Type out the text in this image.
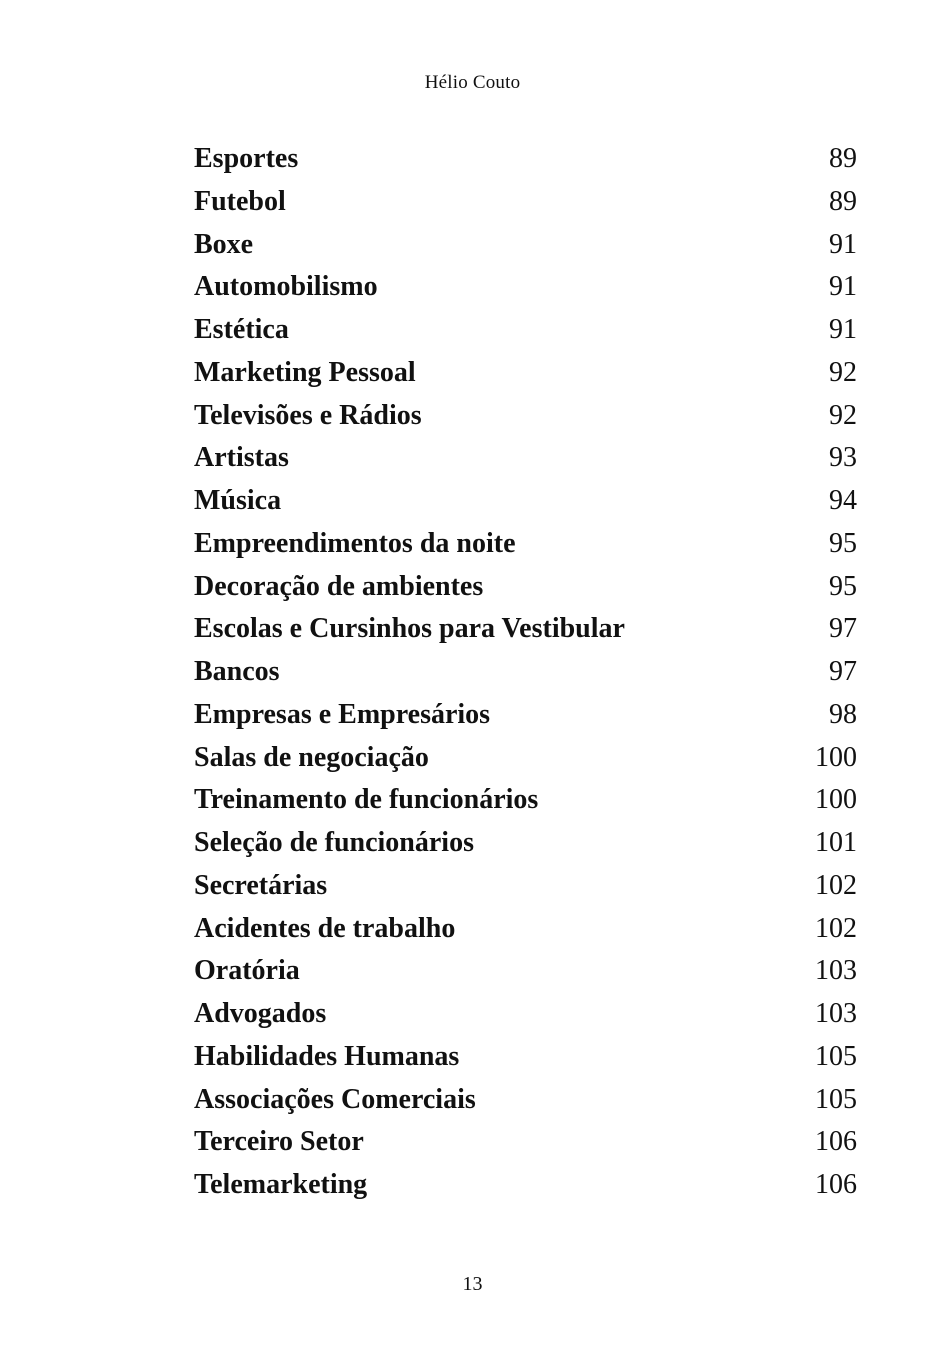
Hélio Couto
Esportes	89
Futebol	89
Boxe	91
Automobilismo	91
Estética	91
Marketing Pessoal	92
Televisões e Rádios	92
Artistas	93
Música	94
Empreendimentos da noite	95
Decoração de ambientes	95
Escolas e Cursinhos para Vestibular	97
Bancos	97
Empresas e Empresários	98
Salas de negociação	100
Treinamento de funcionários	100
Seleção de funcionários	101
Secretárias	102
Acidentes de trabalho	102
Oratória	103
Advogados	103
Habilidades Humanas	105
Associações Comerciais	105
Terceiro Setor	106
Telemarketing	106
13
